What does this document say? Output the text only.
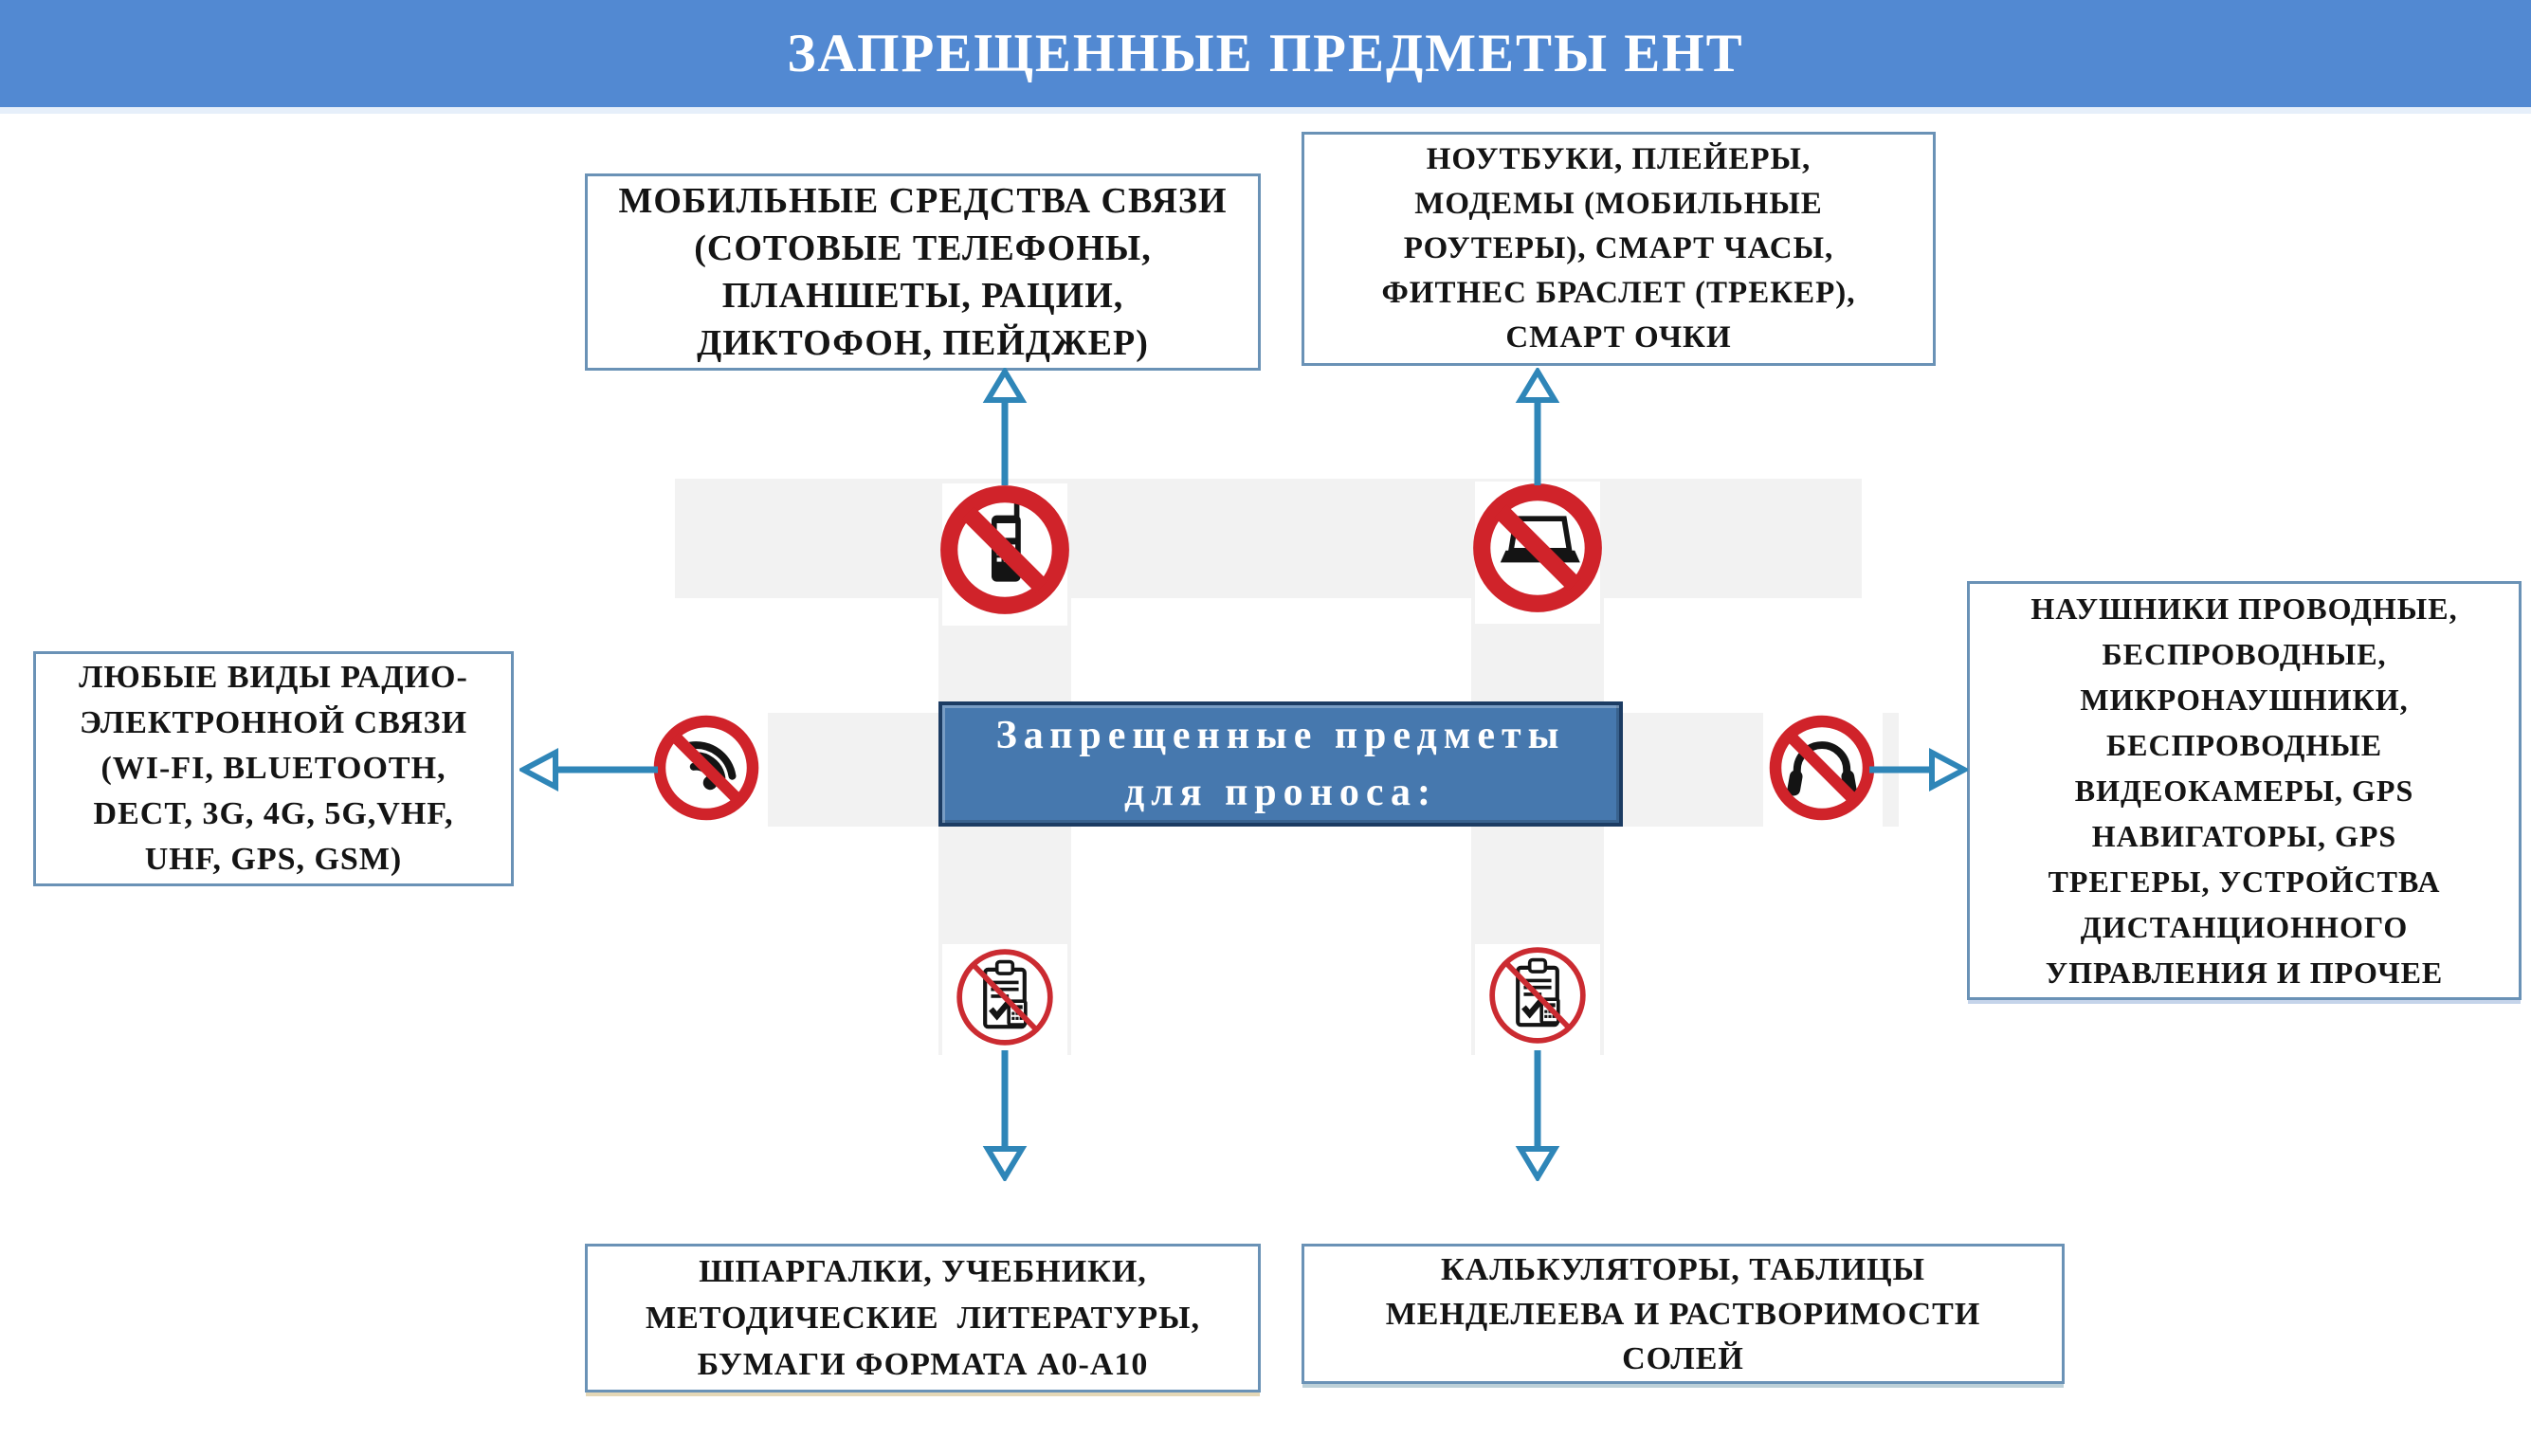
ЗАПРЕЩЕННЫЕ ПРЕДМЕТЫ ЕНТ
МОБИЛЬНЫЕ СРЕДСТВА СВЯЗИ
(СОТОВЫЕ ТЕЛЕФОНЫ,
ПЛАНШЕТЫ, РАЦИИ,
ДИКТОФОН, ПЕЙДЖЕР)
НОУТБУКИ, ПЛЕЙЕРЫ,
МОДЕМЫ (МОБИЛЬНЫЕ
РОУТЕРЫ), СМАРТ ЧАСЫ,
ФИТНЕС БРАСЛЕТ (ТРЕКЕР),
СМАРТ ОЧКИ
ЛЮБЫЕ ВИДЫ РАДИО-
ЭЛЕКТРОННОЙ СВЯЗИ
(WI-FI, BLUETOOTH,
DECT, 3G, 4G, 5G,VHF,
UHF, GPS, GSM)
НАУШНИКИ ПРОВОДНЫЕ,
БЕСПРОВОДНЫЕ,
МИКРОНАУШНИКИ,
БЕСПРОВОДНЫЕ
ВИДЕОКАМЕРЫ, GPS
НАВИГАТОРЫ, GPS
ТРЕГЕРЫ, УСТРОЙСТВА
ДИСТАНЦИОННОГО
УПРАВЛЕНИЯ И ПРОЧЕЕ
ШПАРГАЛКИ, УЧЕБНИКИ,
МЕТОДИЧЕСКИЕ  ЛИТЕРАТУРЫ,
БУМАГИ ФОРМАТА А0-А10
КАЛЬКУЛЯТОРЫ, ТАБЛИЦЫ
МЕНДЕЛЕЕВА И РАСТВОРИМОСТИ
СОЛЕЙ
Запрещенные предметы
для проноса:
